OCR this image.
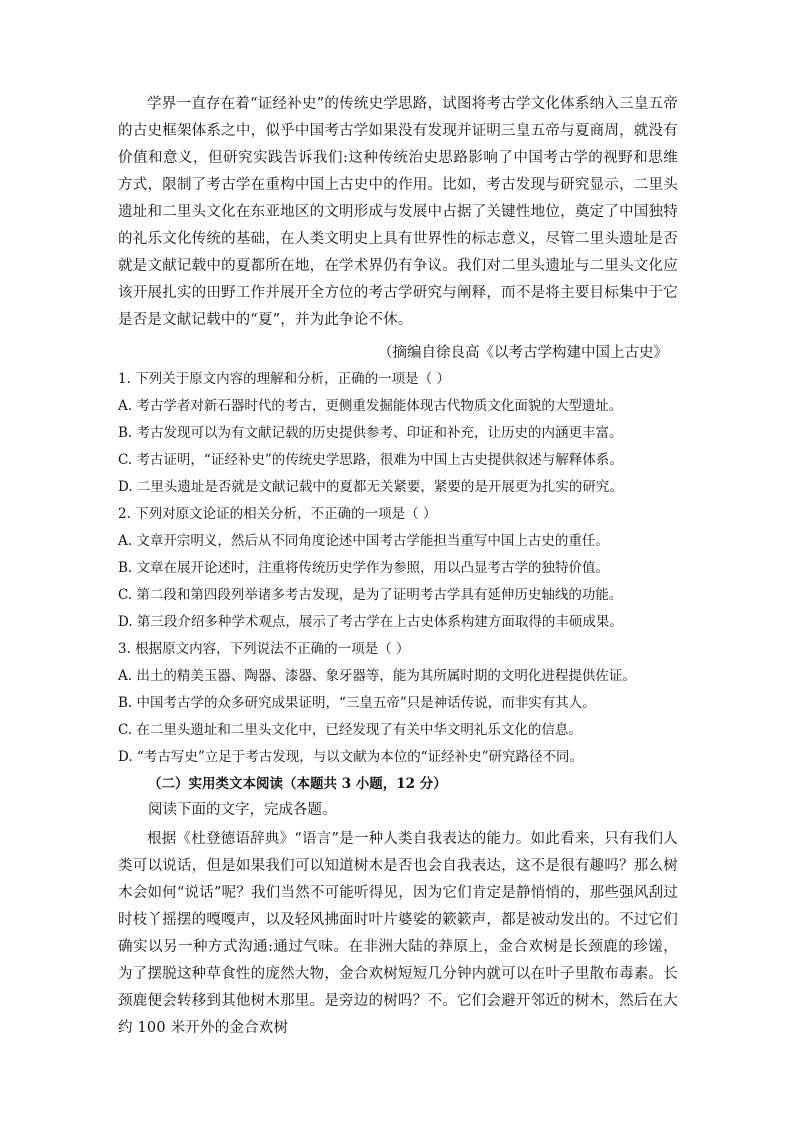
学界一直存在着“证经补史”的传统史学思路，试图将考古学文化体系纳入三皇五帝的古史框架体系之中，似乎中国考古学如果没有发现并证明三皇五帝与夏商周，就没有价值和意义，但研究实践告诉我们:这种传统治史思路影响了中国考古学的视野和思维方式，限制了考古学在重构中国上古史中的作用。比如，考古发现与研究显示，二里头遗址和二里头文化在东亚地区的文明形成与发展中占据了关键性地位，奠定了中国独特的礼乐文化传统的基础，在人类文明史上具有世界性的标志意义，尽管二里头遗址是否就是文献记载中的夏都所在地，在学术界仍有争议。我们对二里头遗址与二里头文化应该开展扎实的田野工作并展开全方位的考古学研究与阐释，而不是将主要目标集中于它是否是文献记载中的“夏”，并为此争论不休。

（摘编自徐良高《以考古学构建中国上古史》

1. 下列关于原文内容的理解和分析，正确的一项是（ ）

A. 考古学者对新石器时代的考古，更侧重发掘能体现古代物质文化面貌的大型遗址。

B. 考古发现可以为有文献记载的历史提供参考、印证和补充，让历史的内涵更丰富。

C. 考古证明，“证经补史”的传统史学思路，很难为中国上古史提供叙述与解释体系。

D. 二里头遗址是否就是文献记载中的夏都无关紧要，紧要的是开展更为扎实的研究。

2. 下列对原文论证的相关分析，不正确的一项是（ ）

A. 文章开宗明义，然后从不同角度论述中国考古学能担当重写中国上古史的重任。

B. 文章在展开论述时，注重将传统历史学作为参照，用以凸显考古学的独特价值。

C. 第二段和第四段列举诸多考古发现，是为了证明考古学具有延伸历史轴线的功能。

D. 第三段介绍多种学术观点，展示了考古学在上古史体系构建方面取得的丰硕成果。

3. 根据原文内容，下列说法不正确的一项是（ ）

A. 出土的精美玉器、陶器、漆器、象牙器等，能为其所属时期的文明化进程提供佐证。

B. 中国考古学的众多研究成果证明，“三皇五帝”只是神话传说，而非实有其人。

C. 在二里头遗址和二里头文化中，已经发现了有关中华文明礼乐文化的信息。

D. “考古写史”立足于考古发现，与以文献为本位的“证经补史”研究路径不同。

（二）实用类文本阅读（本题共 3 小题，12 分）

阅读下面的文字，完成各题。

根据《杜登德语辞典》“语言”是一种人类自我表达的能力。如此看来，只有我们人类可以说话，但是如果我们可以知道树木是否也会自我表达，这不是很有趣吗？那么树木会如何“说话”呢？我们当然不可能听得见，因为它们肯定是静悄悄的，那些强风刮过时枝丫摇摆的嘎嘎声，以及轻风拂面时叶片婆娑的簌簌声，都是被动发出的。不过它们确实以另一种方式沟通:通过气味。在非洲大陆的莽原上，金合欢树是长颈鹿的珍馐，为了摆脱这种草食性的庞然大物，金合欢树短短几分钟内就可以在叶子里散布毒素。长颈鹿便会转移到其他树木那里。是旁边的树吗？不。它们会避开邻近的树木，然后在大约 100 米开外的金合欢树
